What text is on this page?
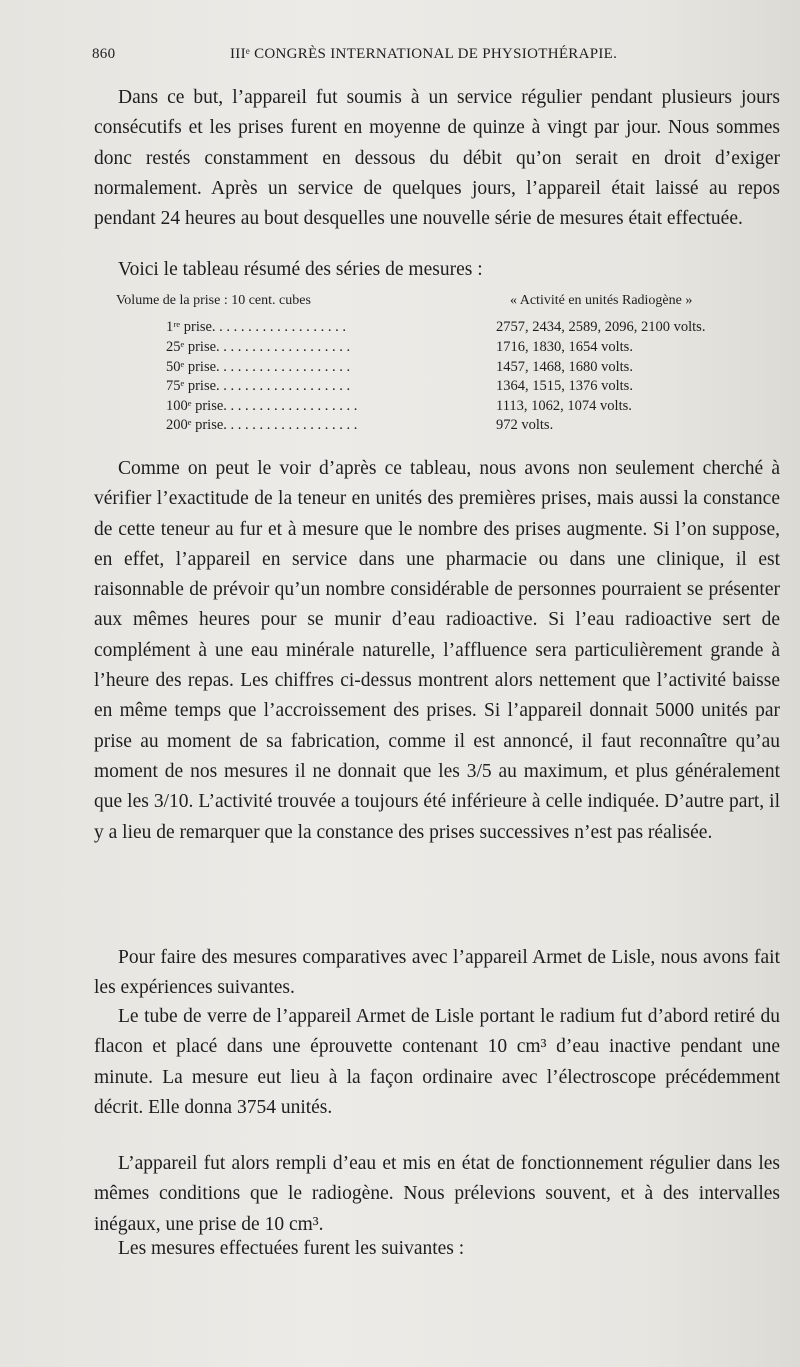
860	IIIᵉ CONGRÈS INTERNATIONAL DE PHYSIOTHÉRAPIE.

Dans ce but, l’appareil fut soumis à un service régulier pendant plusieurs jours consécutifs et les prises furent en moyenne de quinze à vingt par jour. Nous sommes donc restés constamment en dessous du débit qu’on serait en droit d’exiger normalement. Après un service de quelques jours, l’appareil était laissé au repos pendant 24 heures au bout desquelles une nouvelle série de mesures était effectuée.

Voici le tableau résumé des séries de mesures :

Volume de la prise : 10 cent. cubes	« Activité en unités Radiogène »
1ʳᵉ prise. . . . . . . . . . . . . . . . . . .	2757, 2434, 2589, 2096, 2100 volts.
25ᵉ prise. . . . . . . . . . . . . . . . . . .	1716, 1830, 1654 volts.
50ᵉ prise. . . . . . . . . . . . . . . . . . .	1457, 1468, 1680 volts.
75ᵉ prise. . . . . . . . . . . . . . . . . . .	1364, 1515, 1376 volts.
100ᵉ prise. . . . . . . . . . . . . . . . . . .	1113, 1062, 1074 volts.
200ᵉ prise. . . . . . . . . . . . . . . . . . .	972 volts.

Comme on peut le voir d’après ce tableau, nous avons non seulement cherché à vérifier l’exactitude de la teneur en unités des premières prises, mais aussi la constance de cette teneur au fur et à mesure que le nombre des prises augmente. Si l’on suppose, en effet, l’appareil en service dans une pharmacie ou dans une clinique, il est raisonnable de prévoir qu’un nombre considérable de personnes pourraient se présenter aux mêmes heures pour se munir d’eau radioactive. Si l’eau radioactive sert de complément à une eau minérale naturelle, l’affluence sera particulièrement grande à l’heure des repas. Les chiffres ci-dessus montrent alors nettement que l’activité baisse en même temps que l’accroissement des prises. Si l’appareil donnait 5000 unités par prise au moment de sa fabrication, comme il est annoncé, il faut reconnaître qu’au moment de nos mesures il ne donnait que les 3/5 au maximum, et plus généralement que les 3/10. L’activité trouvée a toujours été inférieure à celle indiquée. D’autre part, il y a lieu de remarquer que la constance des prises successives n’est pas réalisée.

Pour faire des mesures comparatives avec l’appareil Armet de Lisle, nous avons fait les expériences suivantes.

Le tube de verre de l’appareil Armet de Lisle portant le radium fut d’abord retiré du flacon et placé dans une éprouvette contenant 10 cm³ d’eau inactive pendant une minute. La mesure eut lieu à la façon ordinaire avec l’électroscope précédemment décrit. Elle donna 3754 unités.

L’appareil fut alors rempli d’eau et mis en état de fonctionnement régulier dans les mêmes conditions que le radiogène. Nous prélevions souvent, et à des intervalles inégaux, une prise de 10 cm³.

Les mesures effectuées furent les suivantes :
